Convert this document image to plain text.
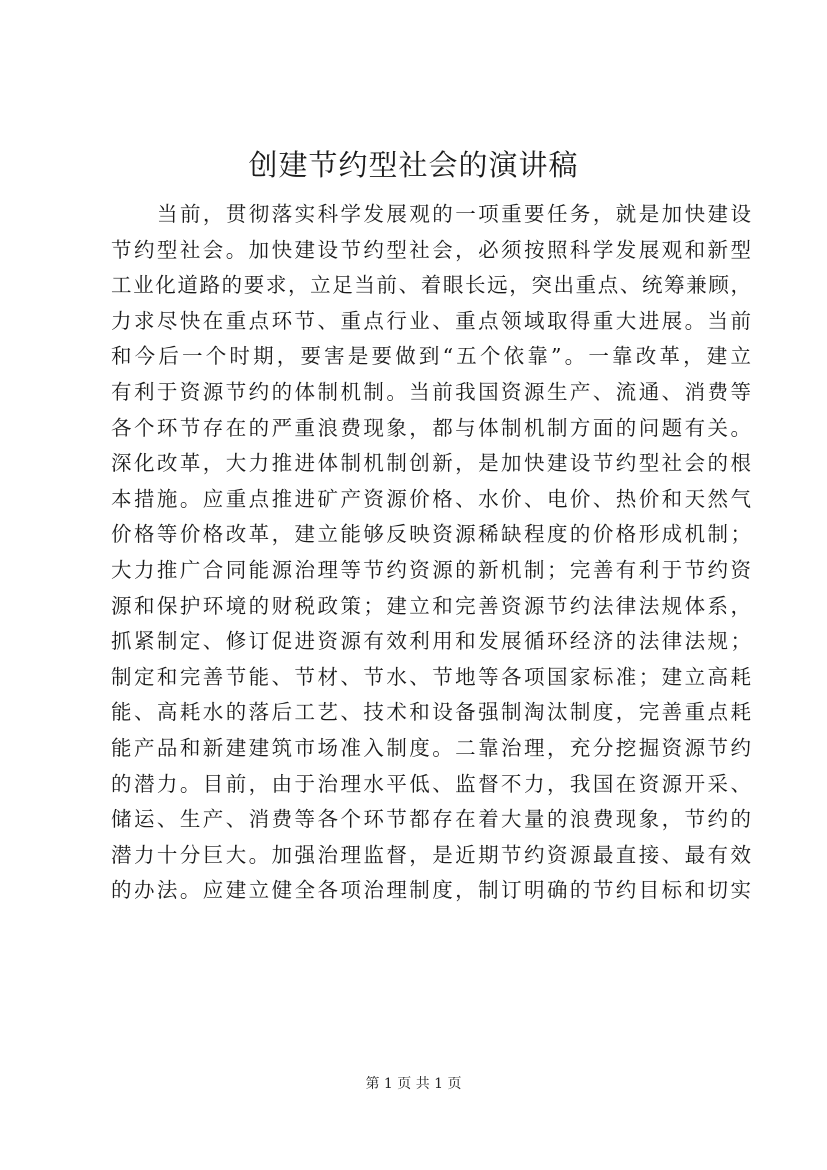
创建节约型社会的演讲稿
当前，贯彻落实科学发展观的一项重要任务，就是加快建设
节约型社会。加快建设节约型社会，必须按照科学发展观和新型
工业化道路的要求，立足当前、着眼长远，突出重点、统筹兼顾，
力求尽快在重点环节、重点行业、重点领域取得重大进展。当前
和今后一个时期，要害是要做到“五个依靠”。一靠改革，建立
有利于资源节约的体制机制。当前我国资源生产、流通、消费等
各个环节存在的严重浪费现象，都与体制机制方面的问题有关。
深化改革，大力推进体制机制创新，是加快建设节约型社会的根
本措施。应重点推进矿产资源价格、水价、电价、热价和天然气
价格等价格改革，建立能够反映资源稀缺程度的价格形成机制；
大力推广合同能源治理等节约资源的新机制；完善有利于节约资
源和保护环境的财税政策；建立和完善资源节约法律法规体系，
抓紧制定、修订促进资源有效利用和发展循环经济的法律法规；
制定和完善节能、节材、节水、节地等各项国家标准；建立高耗
能、高耗水的落后工艺、技术和设备强制淘汰制度，完善重点耗
能产品和新建建筑市场准入制度。二靠治理，充分挖掘资源节约
的潜力。目前，由于治理水平低、监督不力，我国在资源开采、
储运、生产、消费等各个环节都存在着大量的浪费现象，节约的
潜力十分巨大。加强治理监督，是近期节约资源最直接、最有效
的办法。应建立健全各项治理制度，制订明确的节约目标和切实
第 1 页 共 1 页
